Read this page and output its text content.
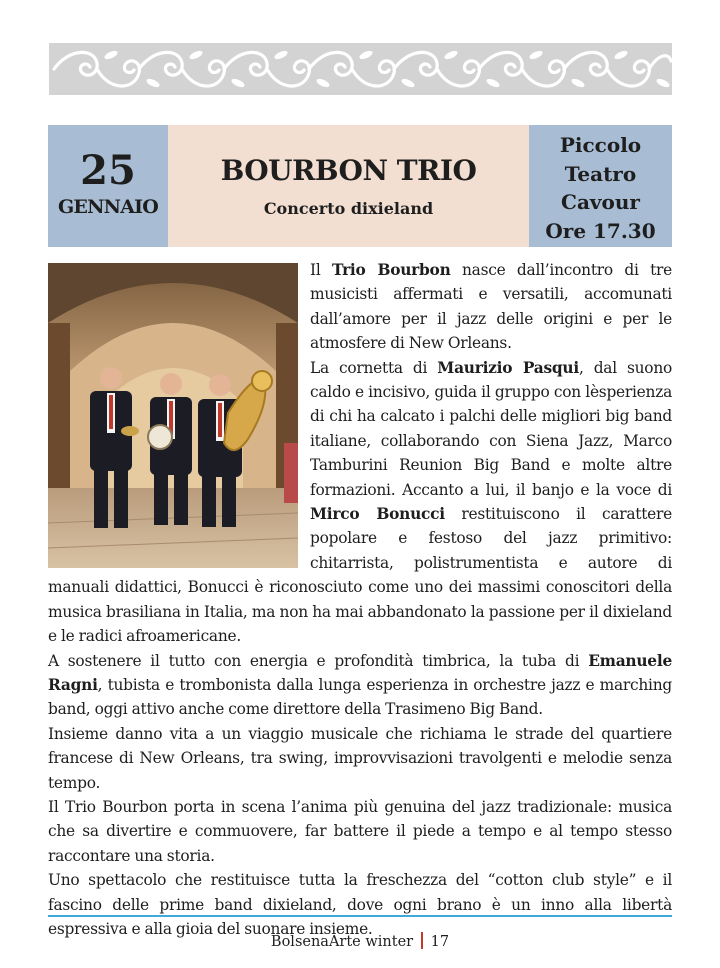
25
GENNAIO
BOURBON TRIO
Concerto dixieland
Piccolo
Teatro
Cavour
Ore 17.30

Il Trio Bourbon nasce dall’incontro di tre musicisti affermati e versatili, accomunati dall’amore per il jazz delle origini e per le atmosfere di New Orleans.

La cornetta di Maurizio Pasqui, dal suono caldo e incisivo, guida il gruppo con lèsperienza di chi ha calcato i palchi delle migliori big band italiane, collaborando con Siena Jazz, Marco Tamburini Reunion Big Band e molte altre formazioni. Accanto a lui, il banjo e la voce di Mirco Bonucci restituiscono il carattere popolare e festoso del jazz primitivo: chitarrista, polistrumentista e autore di manuali didattici, Bonucci è riconosciuto come uno dei massimi conoscitori della musica brasiliana in Italia, ma non ha mai abbandonato la passione per il dixieland e le radici afroamericane.

A sostenere il tutto con energia e profondità timbrica, la tuba di Emanuele Ragni, tubista e trombonista dalla lunga esperienza in orchestre jazz e marching band, oggi attivo anche come direttore della Trasimeno Big Band.

Insieme danno vita a un viaggio musicale che richiama le strade del quartiere francese di New Orleans, tra swing, improvvisazioni travolgenti e melodie senza tempo.

Il Trio Bourbon porta in scena l’anima più genuina del jazz tradizionale: musica che sa divertire e commuovere, far battere il piede a tempo e al tempo stesso raccontare una storia.

Uno spettacolo che restituisce tutta la freschezza del “cotton club style” e il fascino delle prime band dixieland, dove ogni brano è un inno alla libertà espressiva e alla gioia del suonare insieme.

BolsenaArte winter 17
